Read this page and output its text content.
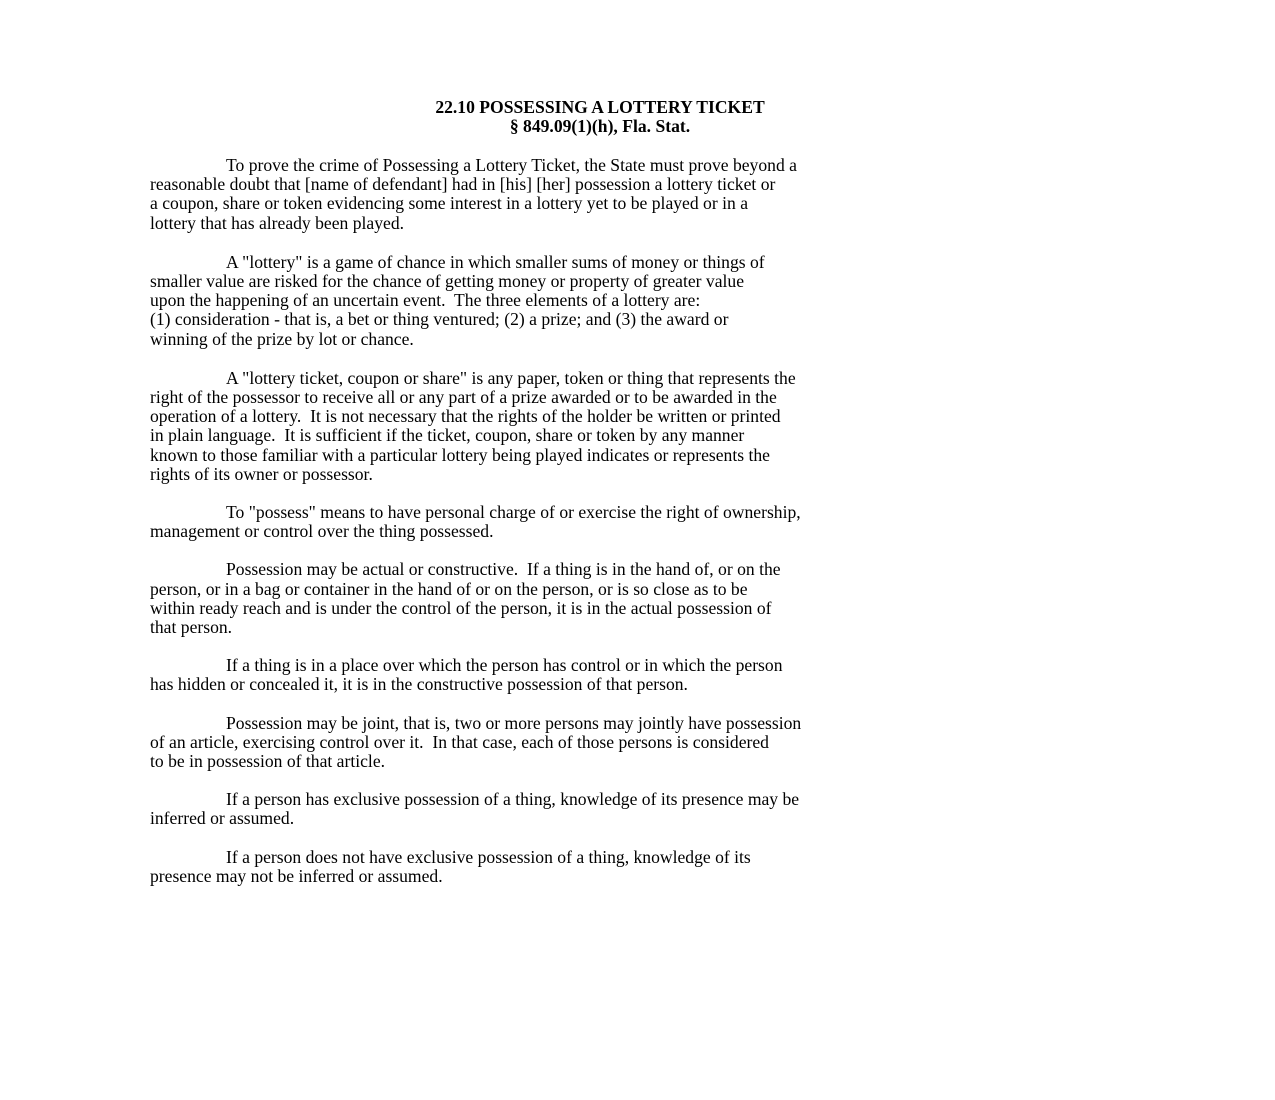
22.10 POSSESSING A LOTTERY TICKET
§ 849.09(1)(h), Fla. Stat.
To prove the crime of Possessing a Lottery Ticket, the State must prove beyond a
reasonable doubt that [name of defendant] had in [his] [her] possession a lottery ticket or
a coupon, share or token evidencing some interest in a lottery yet to be played or in a
lottery that has already been played.
A "lottery" is a game of chance in which smaller sums of money or things of
smaller value are risked for the chance of getting money or property of greater value
upon the happening of an uncertain event.  The three elements of a lottery are:
(1) consideration - that is, a bet or thing ventured; (2) a prize; and (3) the award or
winning of the prize by lot or chance.
A "lottery ticket, coupon or share" is any paper, token or thing that represents the
right of the possessor to receive all or any part of a prize awarded or to be awarded in the
operation of a lottery.  It is not necessary that the rights of the holder be written or printed
in plain language.  It is sufficient if the ticket, coupon, share or token by any manner
known to those familiar with a particular lottery being played indicates or represents the
rights of its owner or possessor.
To "possess" means to have personal charge of or exercise the right of ownership,
management or control over the thing possessed.
Possession may be actual or constructive.  If a thing is in the hand of, or on the
person, or in a bag or container in the hand of or on the person, or is so close as to be
within ready reach and is under the control of the person, it is in the actual possession of
that person.
If a thing is in a place over which the person has control or in which the person
has hidden or concealed it, it is in the constructive possession of that person.
Possession may be joint, that is, two or more persons may jointly have possession
of an article, exercising control over it.  In that case, each of those persons is considered
to be in possession of that article.
If a person has exclusive possession of a thing, knowledge of its presence may be
inferred or assumed.
If a person does not have exclusive possession of a thing, knowledge of its
presence may not be inferred or assumed.
